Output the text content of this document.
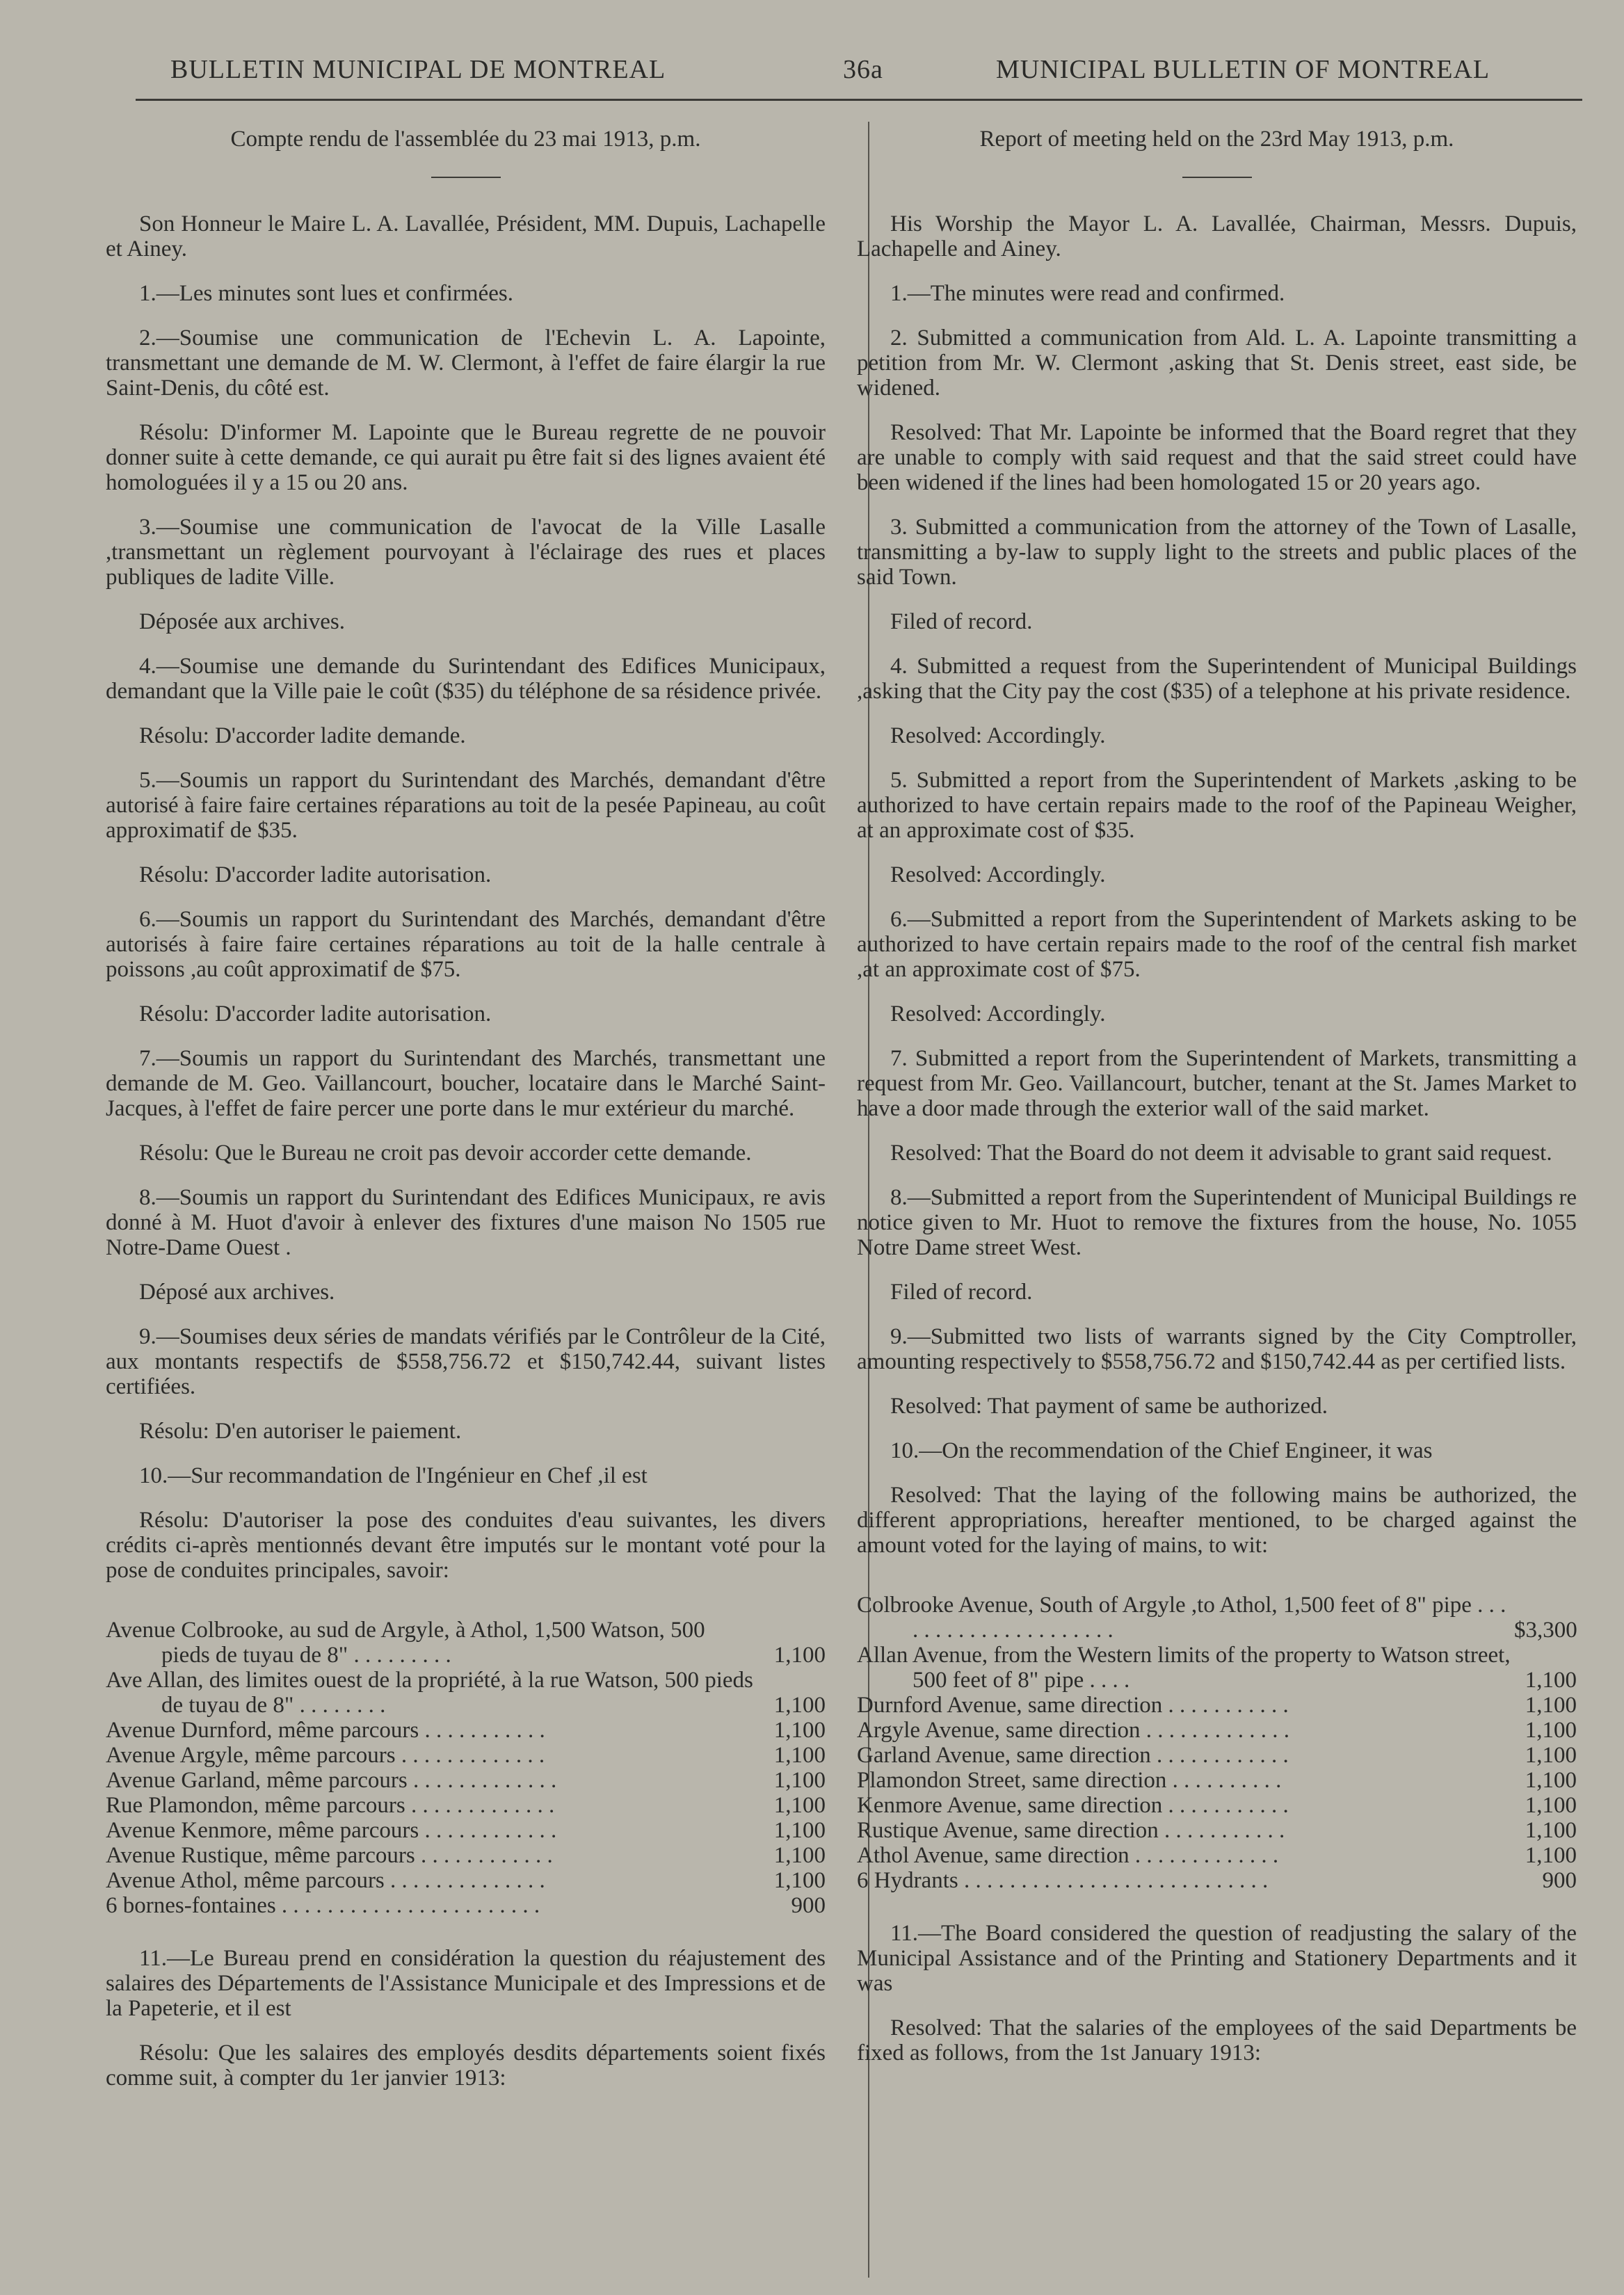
BULLETIN MUNICIPAL DE MONTREAL	36a	MUNICIPAL BULLETIN OF MONTREAL
Compte rendu de l'assemblée du 23 mai 1913, p.m.

Son Honneur le Maire L. A. Lavallée, Président, MM. Dupuis, Lachapelle et Ainey.

1.—Les minutes sont lues et confirmées.

2.—Soumise une communication de l'Echevin L. A. Lapointe, transmettant une demande de M. W. Clermont, à l'effet de faire élargir la rue Saint-Denis, du côté est.

Résolu: D'informer M. Lapointe que le Bureau regrette de ne pouvoir donner suite à cette demande, ce qui aurait pu être fait si des lignes avaient été homologuées il y a 15 ou 20 ans.

3.—Soumise une communication de l'avocat de la Ville Lasalle ,transmettant un règlement pourvoyant à l'éclairage des rues et places publiques de ladite Ville.

Déposée aux archives.

4.—Soumise une demande du Surintendant des Edifices Municipaux, demandant que la Ville paie le coût ($35) du téléphone de sa résidence privée.

Résolu: D'accorder ladite demande.

5.—Soumis un rapport du Surintendant des Marchés, demandant d'être autorisé à faire faire certaines réparations au toit de la pesée Papineau, au coût approximatif de $35.

Résolu: D'accorder ladite autorisation.

6.—Soumis un rapport du Surintendant des Marchés, demandant d'être autorisés à faire faire certaines réparations au toit de la halle centrale à poissons ,au coût approximatif de $75.

Résolu: D'accorder ladite autorisation.

7.—Soumis un rapport du Surintendant des Marchés, transmettant une demande de M. Geo. Vaillancourt, boucher, locataire dans le Marché Saint-Jacques, à l'effet de faire percer une porte dans le mur extérieur du marché.

Résolu: Que le Bureau ne croit pas devoir accorder cette demande.

8.—Soumis un rapport du Surintendant des Edifices Municipaux, re avis donné à M. Huot d'avoir à enlever des fixtures d'une maison No 1505 rue Notre-Dame Ouest .

Déposé aux archives.

9.—Soumises deux séries de mandats vérifiés par le Contrôleur de la Cité, aux montants respectifs de $558,756.72 et $150,742.44, suivant listes certifiées.

Résolu: D'en autoriser le paiement.

10.—Sur recommandation de l'Ingénieur en Chef ,il est

Résolu: D'autoriser la pose des conduites d'eau suivantes, les divers crédits ci-après mentionnés devant être imputés sur le montant voté pour la pose de conduites principales, savoir:

Avenue Colbrooke, au sud de Argyle, à Athol, 1,500 Watson, 500 pieds de tuyau de 8" . . . . . . . . .	1,100
Ave Allan, des limites ouest de la propriété, à la rue Watson, 500 pieds de tuyau de 8" . . . . . . . .	1,100
Avenue Durnford, même parcours . . . . . . . . . . .	1,100
Avenue Argyle, même parcours . . . . . . . . . . . . .	1,100
Avenue Garland, même parcours . . . . . . . . . . . . .	1,100
Rue Plamondon, même parcours . . . . . . . . . . . . .	1,100
Avenue Kenmore, même parcours . . . . . . . . . . . .	1,100
Avenue Rustique, même parcours . . . . . . . . . . . .	1,100
Avenue Athol, même parcours . . . . . . . . . . . . . .	1,100
6 bornes-fontaines . . . . . . . . . . . . . . . . . . . . . . .	900

11.—Le Bureau prend en considération la question du réajustement des salaires des Départements de l'Assistance Municipale et des Impressions et de la Papeterie, et il est

Résolu: Que les salaires des employés desdits départements soient fixés comme suit, à compter du 1er janvier 1913:

Report of meeting held on the 23rd May 1913, p.m.

His Worship the Mayor L. A. Lavallée, Chairman, Messrs. Dupuis, Lachapelle and Ainey.

1.—The minutes were read and confirmed.

2. Submitted a communication from Ald. L. A. Lapointe transmitting a petition from Mr. W. Clermont ,asking that St. Denis street, east side, be widened.

Resolved: That Mr. Lapointe be informed that the Board regret that they are unable to comply with said request and that the said street could have been widened if the lines had been homologated 15 or 20 years ago.

3. Submitted a communication from the attorney of the Town of Lasalle, transmitting a by-law to supply light to the streets and public places of the said Town.

Filed of record.

4. Submitted a request from the Superintendent of Municipal Buildings ,asking that the City pay the cost ($35) of a telephone at his private residence.

Resolved: Accordingly.

5. Submitted a report from the Superintendent of Markets ,asking to be authorized to have certain repairs made to the roof of the Papineau Weigher, at an approximate cost of $35.

Resolved: Accordingly.

6.—Submitted a report from the Superintendent of Markets asking to be authorized to have certain repairs made to the roof of the central fish market ,at an approximate cost of $75.

Resolved: Accordingly.

7. Submitted a report from the Superintendent of Markets, transmitting a request from Mr. Geo. Vaillancourt, butcher, tenant at the St. James Market to have a door made through the exterior wall of the said market.

Resolved: That the Board do not deem it advisable to grant said request.

8.—Submitted a report from the Superintendent of Municipal Buildings re notice given to Mr. Huot to remove the fixtures from the house, No. 1055 Notre Dame street West.

Filed of record.

9.—Submitted two lists of warrants signed by the City Comptroller, amounting respectively to $558,756.72 and $150,742.44 as per certified lists.

Resolved: That payment of same be authorized.

10.—On the recommendation of the Chief Engineer, it was

Resolved: That the laying of the following mains be authorized, the different appropriations, hereafter mentioned, to be charged against the amount voted for the laying of mains, to wit:

Colbrooke Avenue, South of Argyle ,to Athol, 1,500 feet of 8" pipe . . . . . . . . . . . . . . . . . . . . .	$3,300
Allan Avenue, from the Western limits of the property to Watson street, 500 feet of 8" pipe . . . .	1,100
Durnford Avenue, same direction . . . . . . . . . . .	1,100
Argyle Avenue, same direction . . . . . . . . . . . . .	1,100
Garland Avenue, same direction . . . . . . . . . . . .	1,100
Plamondon Street, same direction . . . . . . . . . .	1,100
Kenmore Avenue, same direction . . . . . . . . . . .	1,100
Rustique Avenue, same direction . . . . . . . . . . .	1,100
Athol Avenue, same direction . . . . . . . . . . . . .	1,100
6 Hydrants . . . . . . . . . . . . . . . . . . . . . . . . . . .	900

11.—The Board considered the question of readjusting the salary of the Municipal Assistance and of the Printing and Stationery Departments and it was

Resolved: That the salaries of the employees of the said Departments be fixed as follows, from the 1st January 1913:
